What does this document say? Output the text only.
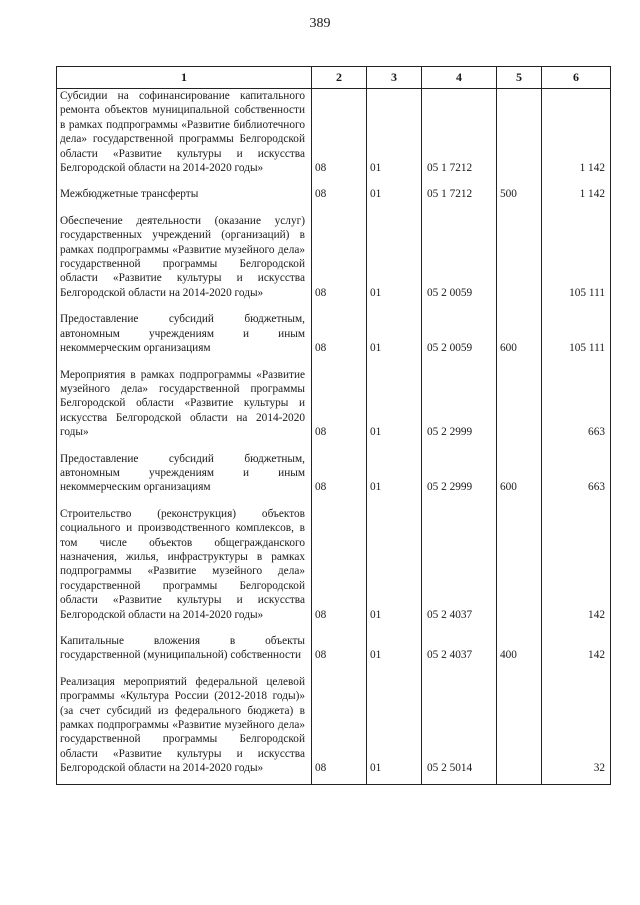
389
1	2	3	4	5	6
Субсидии на софинансирование капитального ремонта объектов муниципальной собственности в рамках подпрограммы «Развитие библиотечного дела» государственной программы Белгородской области «Развитие культуры и искусства Белгородской области на 2014-2020 годы»	08	01	05 1 7212		1 142
Межбюджетные трансферты	08	01	05 1 7212	500	1 142
Обеспечение деятельности (оказание услуг) государственных учреждений (организаций) в рамках подпрограммы «Развитие музейного дела» государственной программы Белгородской области «Развитие культуры и искусства Белгородской области на 2014-2020 годы»	08	01	05 2 0059		105 111
Предоставление субсидий бюджетным, автономным учреждениям и иным некоммерческим организациям	08	01	05 2 0059	600	105 111
Мероприятия в рамках подпрограммы «Развитие музейного дела» государственной программы Белгородской области «Развитие культуры и искусства Белгородской области на 2014-2020 годы»	08	01	05 2 2999		663
Предоставление субсидий бюджетным, автономным учреждениям и иным некоммерческим организациям	08	01	05 2 2999	600	663
Строительство (реконструкция) объектов социального и производственного комплексов, в том числе объектов общегражданского назначения, жилья, инфраструктуры в рамках подпрограммы «Развитие музейного дела» государственной программы Белгородской области «Развитие культуры и искусства Белгородской области на 2014-2020 годы»	08	01	05 2 4037		142
Капитальные вложения в объекты государственной (муниципальной) собственности	08	01	05 2 4037	400	142
Реализация мероприятий федеральной целевой программы «Культура России (2012-2018 годы)» (за счет субсидий из федерального бюджета) в рамках подпрограммы «Развитие музейного дела» государственной программы Белгородской области «Развитие культуры и искусства Белгородской области на 2014-2020 годы»	08	01	05 2 5014		32
